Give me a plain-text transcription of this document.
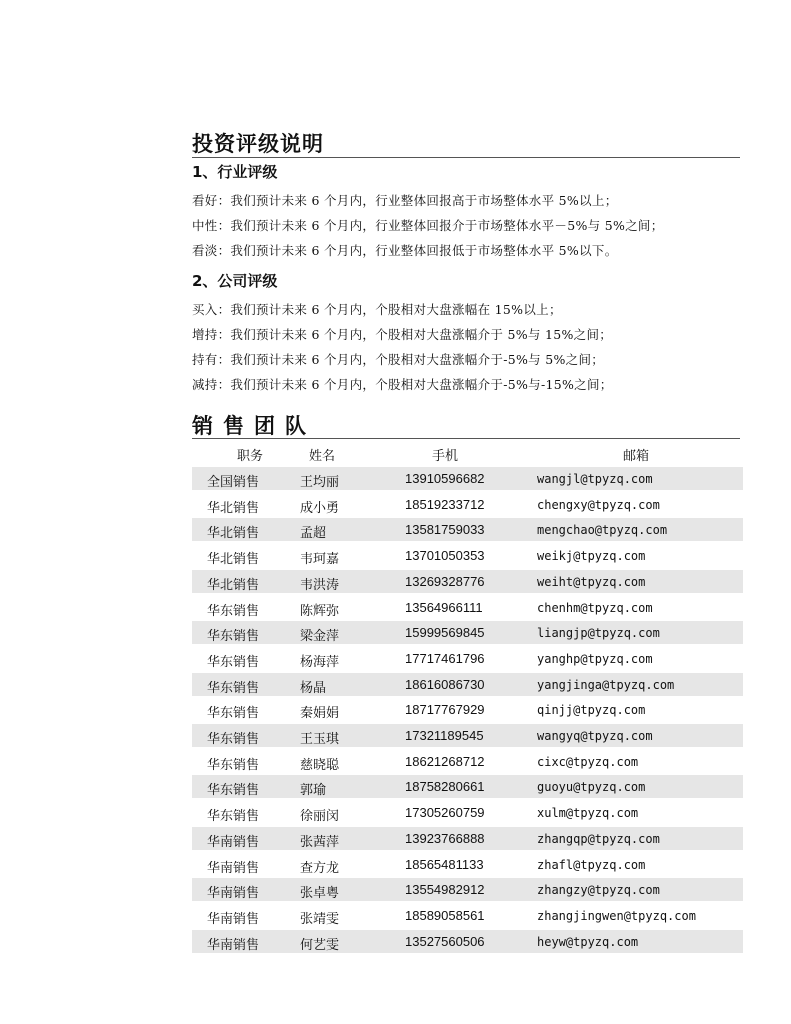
投资评级说明
1、行业评级
看好：我们预计未来 6 个月内，行业整体回报高于市场整体水平 5%以上；
中性：我们预计未来 6 个月内，行业整体回报介于市场整体水平－5%与 5%之间；
看淡：我们预计未来 6 个月内，行业整体回报低于市场整体水平 5%以下。
2、公司评级
买入：我们预计未来 6 个月内，个股相对大盘涨幅在 15%以上；
增持：我们预计未来 6 个月内，个股相对大盘涨幅介于 5%与 15%之间；
持有：我们预计未来 6 个月内，个股相对大盘涨幅介于-5%与 5%之间；
减持：我们预计未来 6 个月内，个股相对大盘涨幅介于-5%与-15%之间；
销售团队
职务	姓名	手机	邮箱
全国销售	王均丽	13910596682	wangjl@tpyzq.com
华北销售	成小勇	18519233712	chengxy@tpyzq.com
华北销售	孟超	13581759033	mengchao@tpyzq.com
华北销售	韦珂嘉	13701050353	weikj@tpyzq.com
华北销售	韦洪涛	13269328776	weiht@tpyzq.com
华东销售	陈辉弥	13564966111	chenhm@tpyzq.com
华东销售	梁金萍	15999569845	liangjp@tpyzq.com
华东销售	杨海萍	17717461796	yanghp@tpyzq.com
华东销售	杨晶	18616086730	yangjinga@tpyzq.com
华东销售	秦娟娟	18717767929	qinjj@tpyzq.com
华东销售	王玉琪	17321189545	wangyq@tpyzq.com
华东销售	慈晓聪	18621268712	cixc@tpyzq.com
华东销售	郭瑜	18758280661	guoyu@tpyzq.com
华东销售	徐丽闵	17305260759	xulm@tpyzq.com
华南销售	张茜萍	13923766888	zhangqp@tpyzq.com
华南销售	查方龙	18565481133	zhafl@tpyzq.com
华南销售	张卓粤	13554982912	zhangzy@tpyzq.com
华南销售	张靖雯	18589058561	zhangjingwen@tpyzq.com
华南销售	何艺雯	13527560506	heyw@tpyzq.com
